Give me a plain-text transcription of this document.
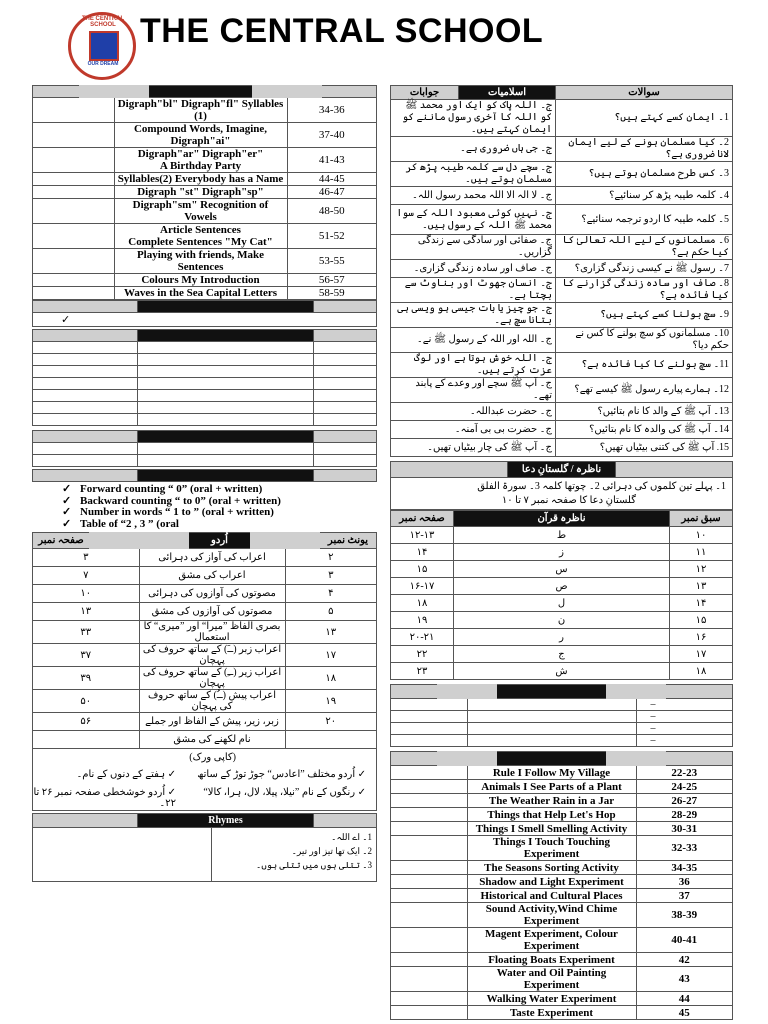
THE CENTRAL SCHOOL
OUR DREAM
THE CENTRAL SCHOOL

	Digraph"bl" Digraph"fl" Syllables (1)	34-36
	Compound Words, Imagine,
Digraph"ai"	37-40
	Digraph"ar" Digraph"er"
A Birthday Party	41-43
	Syllables(2) Everybody has a Name	44-45
	Digraph "st" Digraph"sp"	46-47
	Digraph"sm" Recognition of Vowels	48-50
	Article Sentences
Complete Sentences "My Cat"	51-52
	Playing with friends, Make Sentences	53-55
	Colours My Introduction	56-57
	Waves in the Sea Capital Letters	58-59

✓

✓ Forward counting “ 0” (oral + written)
✓ Backward counting “ to 0” (oral + written)
✓ Number in words “ 1 to ” (oral + written)
✓ Table of “2 , 3 ” (oral
یونٹ نمبر	اُردو	صفحہ نمبر
۲	اعراب کی آواز کی دہرائی	۳
۳	اعراب کی مشق	۷
۴	مصوتوں کی آوازوں کی دہرائی	۱۰
۵	مصوتوں کی آوازوں کی مشق	۱۳
۱۳	بصری الفاظ ”میرا“ اور ”میری“ کا استعمال	۳۳
۱۷	اعراب زبر (ــَ) کے ساتھ حروف کی پہچان	۳۷
۱۸	اعراب زیر (ــِ) کے ساتھ حروف کی پہچان	۳۹
۱۹	اعراب پیش (ــُ) کے ساتھ حروف کی پہچان	۵۰
۲۰	زبر، زیر، پیش کے الفاظ اور جملے	۵۶
	نام لکھنے کی مشق	
(کاپی ورک)
✓ اُردو مختلف ”اعادس“ جوڑ توڑ کے ساتھ
✓ ہفتے کے دنوں کے نام۔
✓ رنگوں کے نام ”نیلا، پیلا، لال، ہرا، کالا“
✓ اُردو خوشخطی صفحہ نمبر ۲۶ تا ۲۲۔
	Rhymes	
1۔ اے اللہ۔
2۔ ایک تھا تیز اور تیر۔
3۔ تتلی ہوں میں تتلی ہوں۔
سوالات	اسلامیات	جوابات
1۔ ایمان کسے کہتے ہیں؟	ج۔ اللہ پاک کو ایک اور محمد ﷺ کو اللہ کا آخری رسول ماننے کو ایمان کہتے ہیں۔	
2۔ کیا مسلمان ہونے کے لیے ایمان لانا ضروری ہے؟	ج۔ جی ہاں ضروری ہے۔	
3۔ کس طرح مسلمان ہوتے ہیں؟	ج۔ سچے دل سے کلمہ طیبہ پڑھ کر مسلمان ہوتے ہیں۔	
4۔ کلمہ طیبہ پڑھ کر سنائیے؟	ج۔ لا الہ الا اللہ محمد رسول اللہ۔	
5۔ کلمہ طیبہ کا اردو ترجمہ سنائیے؟	ج۔ نہیں کوئی معبود اللہ کے سوا محمد ﷺ اللہ کے رسول ہیں۔	
6۔ مسلمانوں کے لیے اللہ تعالیٰ کا کیا حکم ہے؟	ج۔ صفائی اور سادگی سے زندگی گزاریں۔	
7۔ رسول ﷺ نے کیسی زندگی گزاری؟	ج۔ صاف اور سادہ زندگی گزاری۔	
8۔ صاف اور سادہ زندگی گزارنے کا کیا فائدہ ہے؟	ج۔ انسان جھوٹ اور بناوٹ سے بچتا ہے۔	
9۔ سچ بولنا کسے کہتے ہیں؟	ج۔ جو چیز یا بات جیسی ہو ویسی ہی بتانا سچ ہے۔	
10۔ مسلمانوں کو سچ بولنے کا کس نے حکم دیا؟	ج۔ اللہ اور اللہ کے رسول ﷺ نے۔	
11۔ سچ بولنے کا کیا فائدہ ہے؟	ج۔ اللہ خوش ہوتا ہے اور لوگ عزت کرتے ہیں۔	
12۔ ہمارے پیارے رسول ﷺ کیسے تھے؟	ج۔ آپ ﷺ سچے اور وعدے کے پابند تھے۔	
13۔ آپ ﷺ کے والد کا نام بتائیں؟	ج۔ حضرت عبداللہ۔	
14۔ آپ ﷺ کی والدہ کا نام بتائیں؟	ج۔ حضرت بی بی آمنہ۔	
15۔ آپ ﷺ کی کتنی بیٹیاں تھیں؟	ج۔ آپ ﷺ کی چار بیٹیاں تھیں۔	
	ناظرہ / گلستانِ دعا	
1۔ پہلے تین کلموں کی دہرائی 2۔ چوتھا کلمہ 3۔ سورۃ الفلق
گلستانِ دعا کا صفحہ نمبر ۷ تا ۱۰
سبق نمبر	ناظرہ قرآن	صفحہ نمبر
۱۰	ط	۱۲-۱۳
۱۱	ز	۱۴
۱۲	س	۱۵
۱۳	ص	۱۶-۱۷
۱۴	ل	۱۸
۱۵	ن	۱۹
۱۶	ر	۲۰-۲۱
۱۷	ج	۲۲
۱۸	ش	۲۳

		–
		–
		–
		–

	Rule I Follow My Village	22-23
	Animals I See Parts of a Plant	24-25
	The Weather Rain in a Jar	26-27
	Things that Help Let's Hop	28-29
	Things I Smell Smelling Activity	30-31
	Things I Touch Touching Experiment	32-33
	The Seasons Sorting Activity	34-35
	Shadow and Light Experiment	36
	Historical and Cultural Places	37
	Sound Activity,Wind Chime Experiment	38-39
	Magent Experiment, Colour Experiment	40-41
	Floating Boats Experiment	42
	Water and Oil Painting Experiment	43
	Walking Water Experiment	44
	Taste Experiment	45
